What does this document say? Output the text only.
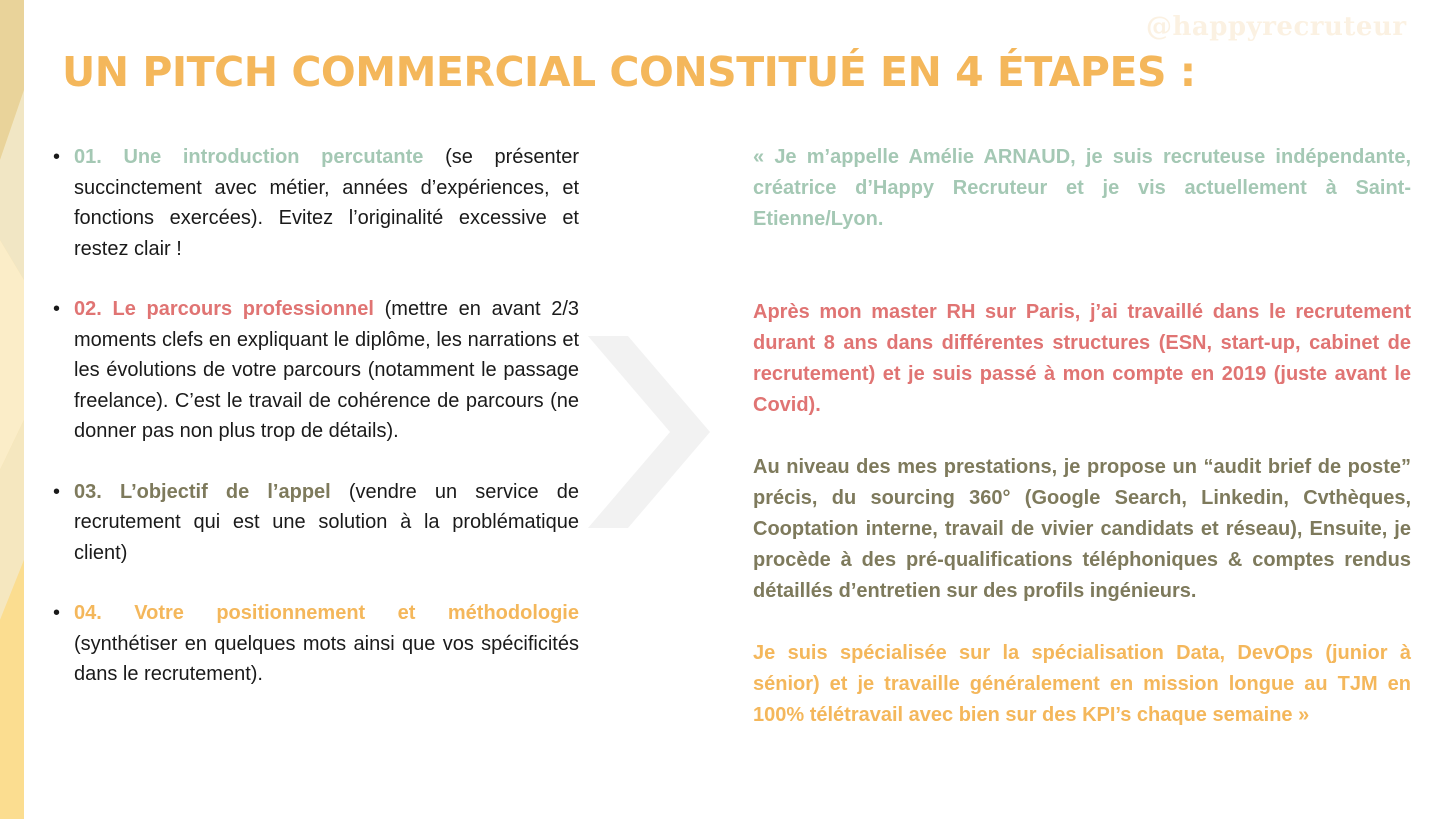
@happyrecruteur
UN PITCH COMMERCIAL CONSTITUÉ EN 4 ÉTAPES :
• 01. Une introduction percutante (se présenter succinctement avec métier, années d’expériences, et fonctions exercées). Evitez l’originalité excessive et restez clair !
• 02. Le parcours professionnel (mettre en avant 2/3 moments clefs en expliquant le diplôme, les narrations et les évolutions de votre parcours (notamment le passage freelance). C’est le travail de cohérence de parcours (ne donner pas non plus trop de détails).
• 03. L’objectif de l’appel (vendre un service de recrutement qui est une solution à la problématique client)
• 04. Votre positionnement et méthodologie (synthétiser en quelques mots ainsi que vos spécificités dans le recrutement).

« Je m’appelle Amélie ARNAUD, je suis recruteuse indépendante, créatrice d’Happy Recruteur et je vis actuellement à Saint-Etienne/Lyon.

Après mon master RH sur Paris, j’ai travaillé dans le recrutement durant 8 ans dans différentes structures (ESN, start-up, cabinet de recrutement) et je suis passé à mon compte en 2019 (juste avant le Covid).

Au niveau des mes prestations, je propose un “audit brief de poste” précis, du sourcing 360° (Google Search, Linkedin, Cvthèques, Cooptation interne, travail de vivier candidats et réseau), Ensuite, je procède à des pré-qualifications téléphoniques & comptes rendus détaillés d’entretien sur des profils ingénieurs.

Je suis spécialisée sur la spécialisation Data, DevOps (junior à sénior) et je travaille généralement en mission longue au TJM en 100% télétravail avec bien sur des KPI’s chaque semaine »
